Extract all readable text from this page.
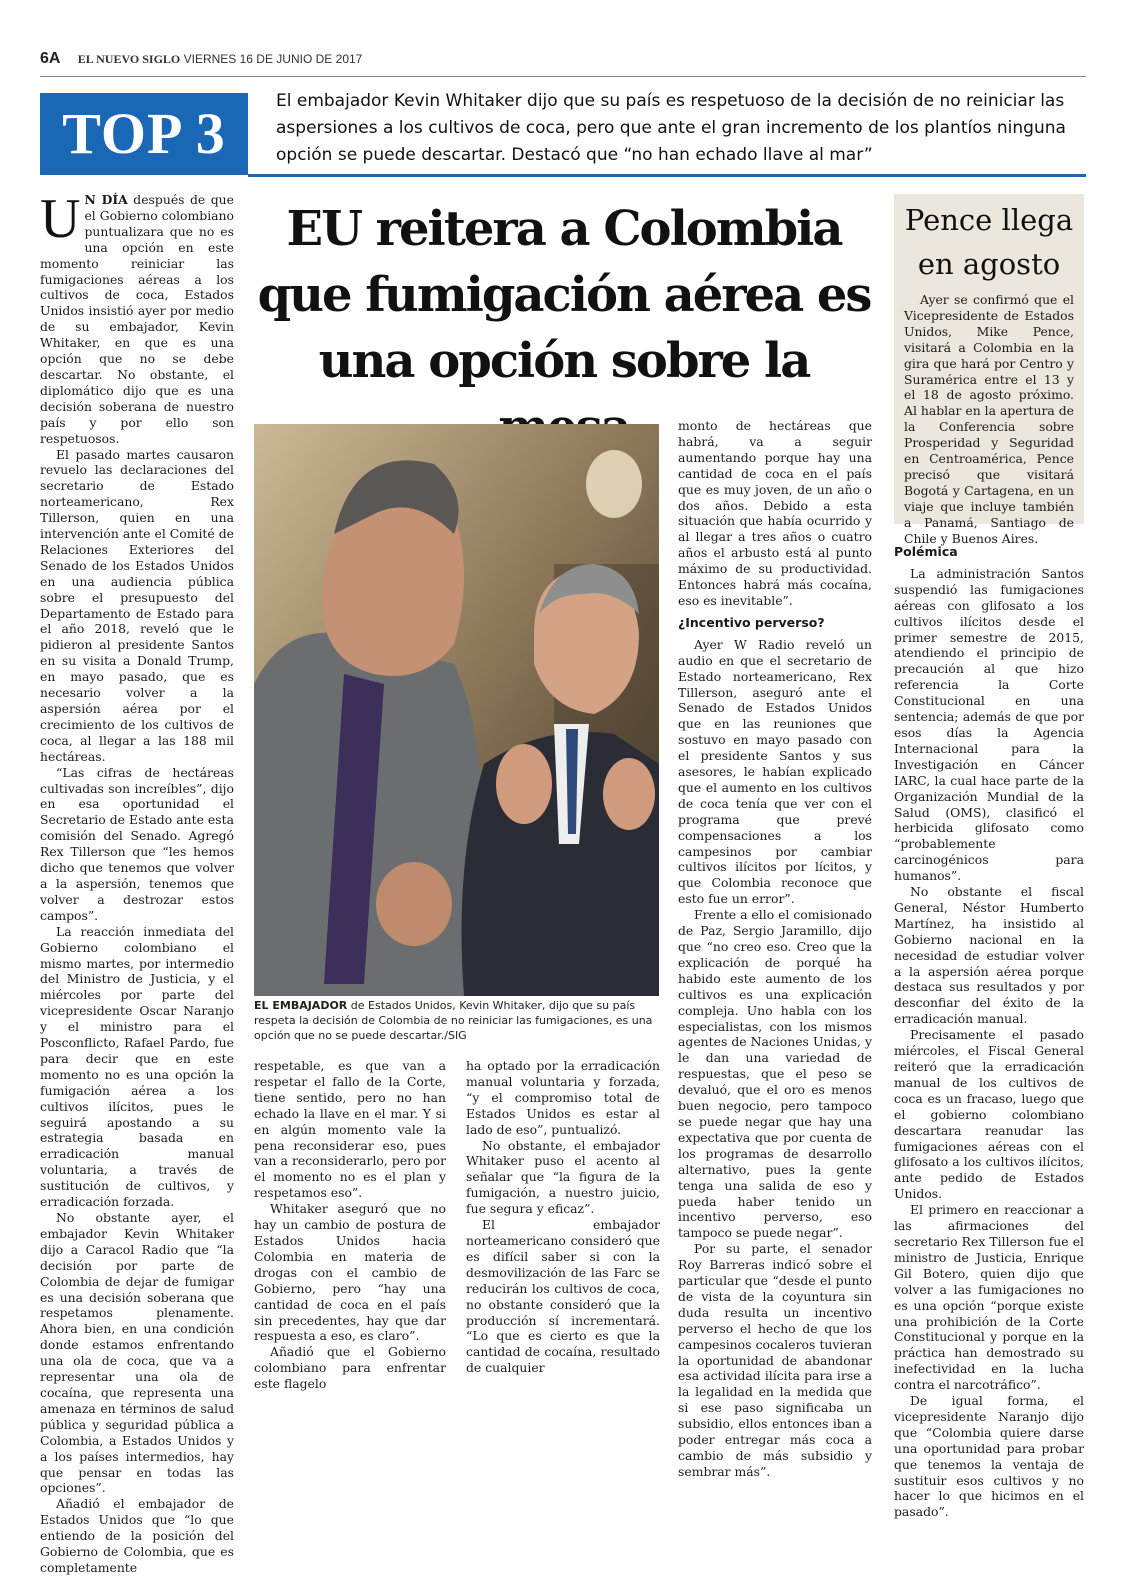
6A EL NUEVO SIGLO VIERNES 16 DE JUNIO DE 2017
TOP 3	El embajador Kevin Whitaker dijo que su país es respetuoso de la decisión de no reiniciar las aspersiones a los cultivos de coca, pero que ante el gran incremento de los plantíos ninguna opción se puede descartar. Destacó que “no han echado llave al mar”
EU reitera a Colombia que fumigación aérea es una opción sobre la

U N DÍA después de que el Gobierno colombiano puntualizara que no es una opción en este momento reiniciar las fumigaciones aéreas a los cultivos de coca, Estados Unidos insistió ayer por medio de su embajador, Kevin Whitaker, en que es una opción que no se debe descartar. No obstante, el diplomático dijo que es una decisión soberana de nuestro país y por ello son respetuosos.

El pasado martes causaron revuelo las declaraciones del secretario de Estado norteamericano, Rex Tillerson, quien en una intervención ante el Comité de Relaciones Exteriores del Senado de los Estados Unidos en una audiencia pública sobre el presupuesto del Departamento de Estado para el año 2018, reveló que le pidieron al presidente Santos en su visita a Donald Trump, en mayo pasado, que es necesario volver a la aspersión aérea por el crecimiento de los cultivos de coca, al llegar a las 188 mil hectáreas.

“Las cifras de hectáreas cultivadas son increíbles”, dijo en esa oportunidad el Secretario de Estado ante esta comisión del Senado. Agregó Rex Tillerson que “les hemos dicho que tenemos que volver a la aspersión, tenemos que volver a destrozar estos campos”.

La reacción inmediata del Gobierno colombiano el mismo martes, por intermedio del Ministro de Justicia, y el miércoles por parte del vicepresidente Oscar Naranjo y el ministro para el Posconflicto, Rafael Pardo, fue para decir que en este momento no es una opción la fumigación aérea a los cultivos ilícitos, pues le seguirá apostando a su estrategia basada en erradicación manual voluntaria, a través de sustitución de cultivos, y erradicación forzada.

No obstante ayer, el embajador Kevin Whitaker dijo a Caracol Radio que “la decisión por parte de Colombia de dejar de fumigar es una decisión soberana que respetamos plenamente. Ahora bien, en una condición donde estamos enfrentando una ola de coca, que va a representar una ola de cocaína, que representa una amenaza en términos de salud pública y seguridad pública a Colombia, a Estados Unidos y a los países intermedios, hay que pensar en todas las opciones”.

Añadió el embajador de Estados Unidos que “lo que entiendo de la posición del Gobierno de Colombia, que es completamente

EL EMBAJADOR de Estados Unidos, Kevin Whitaker, dijo que su país respeta la decisión de Colombia de no reiniciar las fumigaciones, es una opción que no se puede descartar./SIG

respetable, es que van a respetar el fallo de la Corte, tiene sentido, pero no han echado la llave en el mar. Y si en algún momento vale la pena reconsiderar eso, pues van a reconsiderarlo, pero por el momento no es el plan y respetamos eso”.

Whitaker aseguró que no hay un cambio de postura de Estados Unidos hacia Colombia en materia de drogas con el cambio de Gobierno, pero “hay una cantidad de coca en el país sin precedentes, hay que dar respuesta a eso, es claro”.

Añadió que el Gobierno colombiano para enfrentar este flagelo

ha optado por la erradicación manual voluntaria y forzada, “y el compromiso total de Estados Unidos es estar al lado de eso”, puntualizó.

No obstante, el embajador Whitaker puso el acento al señalar que “la figura de la fumigación, a nuestro juicio, fue segura y eficaz”.

El embajador norteamericano consideró que es difícil saber si con la desmovilización de las Farc se reducirán los cultivos de coca, no obstante consideró que la producción sí incrementará. “Lo que es cierto es que la cantidad de cocaína, resultado de cualquier

monto de hectáreas que habrá, va a seguir aumentando porque hay una cantidad de coca en el país que es muy joven, de un año o dos años. Debido a esta situación que había ocurrido y al llegar a tres años o cuatro años el arbusto está al punto máximo de su productividad. Entonces habrá más cocaína, eso es inevitable”.

¿Incentivo perverso?

Ayer W Radio reveló un audio en que el secretario de Estado norteamericano, Rex Tillerson, aseguró ante el Senado de Estados Unidos que en las reuniones que sostuvo en mayo pasado con el presidente Santos y sus asesores, le habían explicado que el aumento en los cultivos de coca tenía que ver con el programa que prevé compensaciones a los campesinos por cambiar cultivos ilícitos por lícitos, y que Colombia reconoce que esto fue un error”.

Frente a ello el comisionado de Paz, Sergio Jaramillo, dijo que “no creo eso. Creo que la explicación de porqué ha habido este aumento de los cultivos es una explicación compleja. Uno habla con los especialistas, con los mismos agentes de Naciones Unidas, y le dan una variedad de respuestas, que el peso se devaluó, que el oro es menos buen negocio, pero tampoco se puede negar que hay una expectativa que por cuenta de los programas de desarrollo alternativo, pues la gente tenga una salida de eso y pueda haber tenido un incentivo perverso, eso tampoco se puede negar”.

Por su parte, el senador Roy Barreras indicó sobre el particular que “desde el punto de vista de la coyuntura sin duda resulta un incentivo perverso el hecho de que los campesinos cocaleros tuvieran la oportunidad de abandonar esa actividad ilícita para irse a la legalidad en la medida que si ese paso significaba un subsidio, ellos entonces iban a poder entregar más coca a cambio de más subsidio y sembrar más”.

Pence llega en agosto

Ayer se confirmó que el Vicepresidente de Estados Unidos, Mike Pence, visitará a Colombia en la gira que hará por Centro y Suramérica entre el 13 y el 18 de agosto próximo. Al hablar en la apertura de la Conferencia sobre Prosperidad y Seguridad en Centroamérica, Pence precisó que visitará Bogotá y Cartagena, en un viaje que incluye también a Panamá, Santiago de Chile y Buenos Aires.

Polémica

La administración Santos suspendió las fumigaciones aéreas con glifosato a los cultivos ilícitos desde el primer semestre de 2015, atendiendo el principio de precaución al que hizo referencia la Corte Constitucional en una sentencia; además de que por esos días la Agencia Internacional para la Investigación en Cáncer IARC, la cual hace parte de la Organización Mundial de la Salud (OMS), clasificó el herbicida glifosato como “probablemente carcinogénicos para humanos”.

No obstante el fiscal General, Néstor Humberto Martínez, ha insistido al Gobierno nacional en la necesidad de estudiar volver a la aspersión aérea porque destaca sus resultados y por desconfiar del éxito de la erradicación manual.

Precisamente el pasado miércoles, el Fiscal General reiteró que la erradicación manual de los cultivos de coca es un fracaso, luego que el gobierno colombiano descartara reanudar las fumigaciones aéreas con el glifosato a los cultivos ilícitos, ante pedido de Estados Unidos.

El primero en reaccionar a las afirmaciones del secretario Rex Tillerson fue el ministro de Justicia, Enrique Gil Botero, quien dijo que volver a las fumigaciones no es una opción “porque existe una prohibición de la Corte Constitucional y porque en la práctica han demostrado su inefectividad en la lucha contra el narcotráfico”.

De igual forma, el vicepresidente Naranjo dijo que “Colombia quiere darse una oportunidad para probar que tenemos la ventaja de sustituir esos cultivos y no hacer lo que hicimos en el pasado”.
